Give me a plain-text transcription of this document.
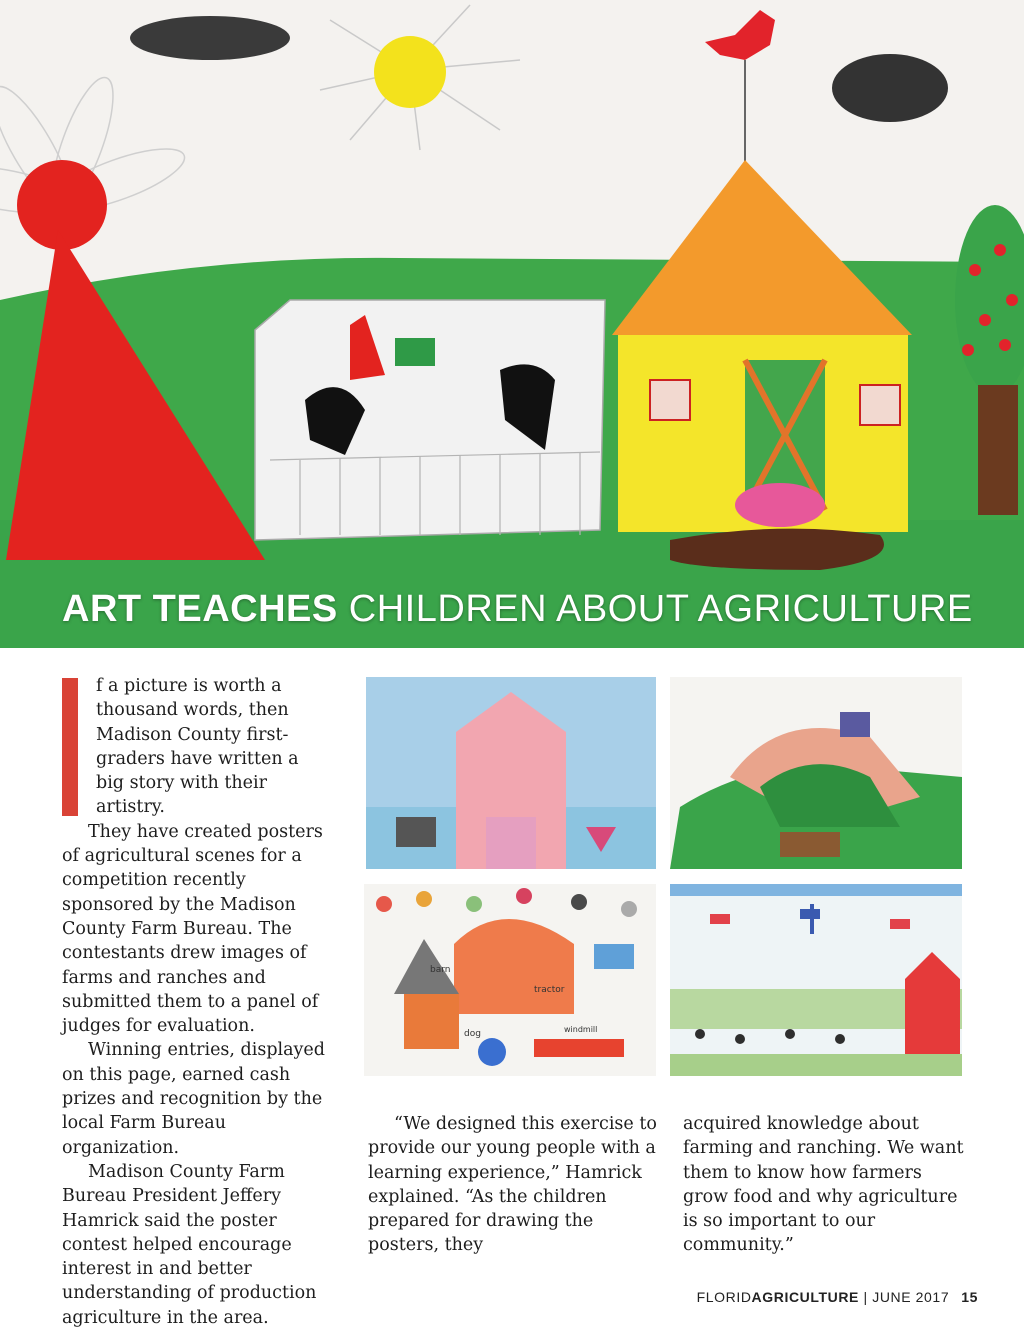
ART TEACHES CHILDREN ABOUT AGRICULTURE

f a picture is worth a thousand words, then Madison County first-graders have written a big story with their artistry.

They have created posters of agricultural scenes for a competition recently sponsored by the Madison County Farm Bureau. The contestants drew images of farms and ranches and submitted them to a panel of judges for evaluation.

Winning entries, displayed on this page, earned cash prizes and recognition by the local Farm Bureau organization.

Madison County Farm Bureau President Jeffery Hamrick said the poster contest helped encourage interest in and better understanding of production agriculture in the area.

barn
tractor
dog	windmill

“We designed this exercise to provide our young people with a learning experience,” Hamrick explained. “As the children prepared for drawing the posters, they

acquired knowledge about farming and ranching. We want them to know how farmers grow food and why agriculture is so important to our community.”

FLORIDAGRICULTURE | JUNE 2017 15
